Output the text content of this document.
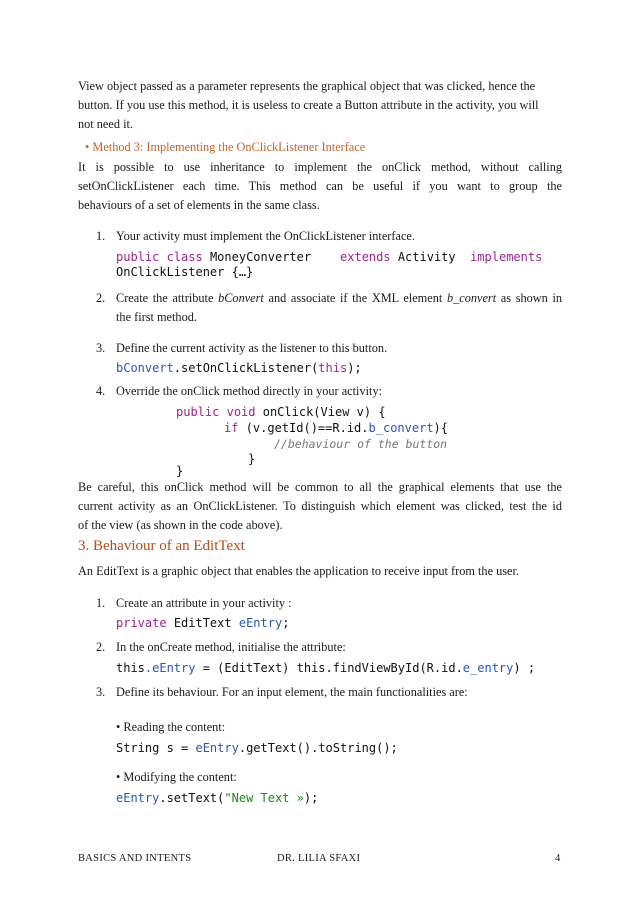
View object passed as a parameter represents the graphical object that was clicked, hence the
button. If you use this method, it is useless to create a Button attribute in the activity, you will
not need it.
• Method 3: Implementing the OnClickListener Interface
It is possible to use inheritance to implement the onClick method, without calling
setOnClickListener each time. This method can be useful if you want to group the
behaviours of a set of elements in the same class.
1. Your activity must implement the OnClickListener interface.
public class MoneyConverter extends Activity implements
OnClickListener {…}
2. Create the attribute bConvert and associate if the XML element b_convert as shown in
the first method.
3. Define the current activity as the listener to this button.
bConvert.setOnClickListener(this);
4. Override the onClick method directly in your activity:
public void onClick(View v) {
if (v.getId()==R.id.b_convert){
//behaviour of the button
}
}
Be careful, this onClick method will be common to all the graphical elements that use the
current activity as an OnClickListener. To distinguish which element was clicked, test the id
of the view (as shown in the code above).
3. Behaviour of an EditText
An EditText is a graphic object that enables the application to receive input from the user.
1. Create an attribute in your activity :
private EditText eEntry;
2. In the onCreate method, initialise the attribute:
this.eEntry = (EditText) this.findViewById(R.id.e_entry) ;
3. Define its behaviour. For an input element, the main functionalities are:
• Reading the content:
String s = eEntry.getText().toString();
• Modifying the content:
eEntry.setText("New Text »);
BASICS AND INTENTS	DR. LILIA SFAXI	4
